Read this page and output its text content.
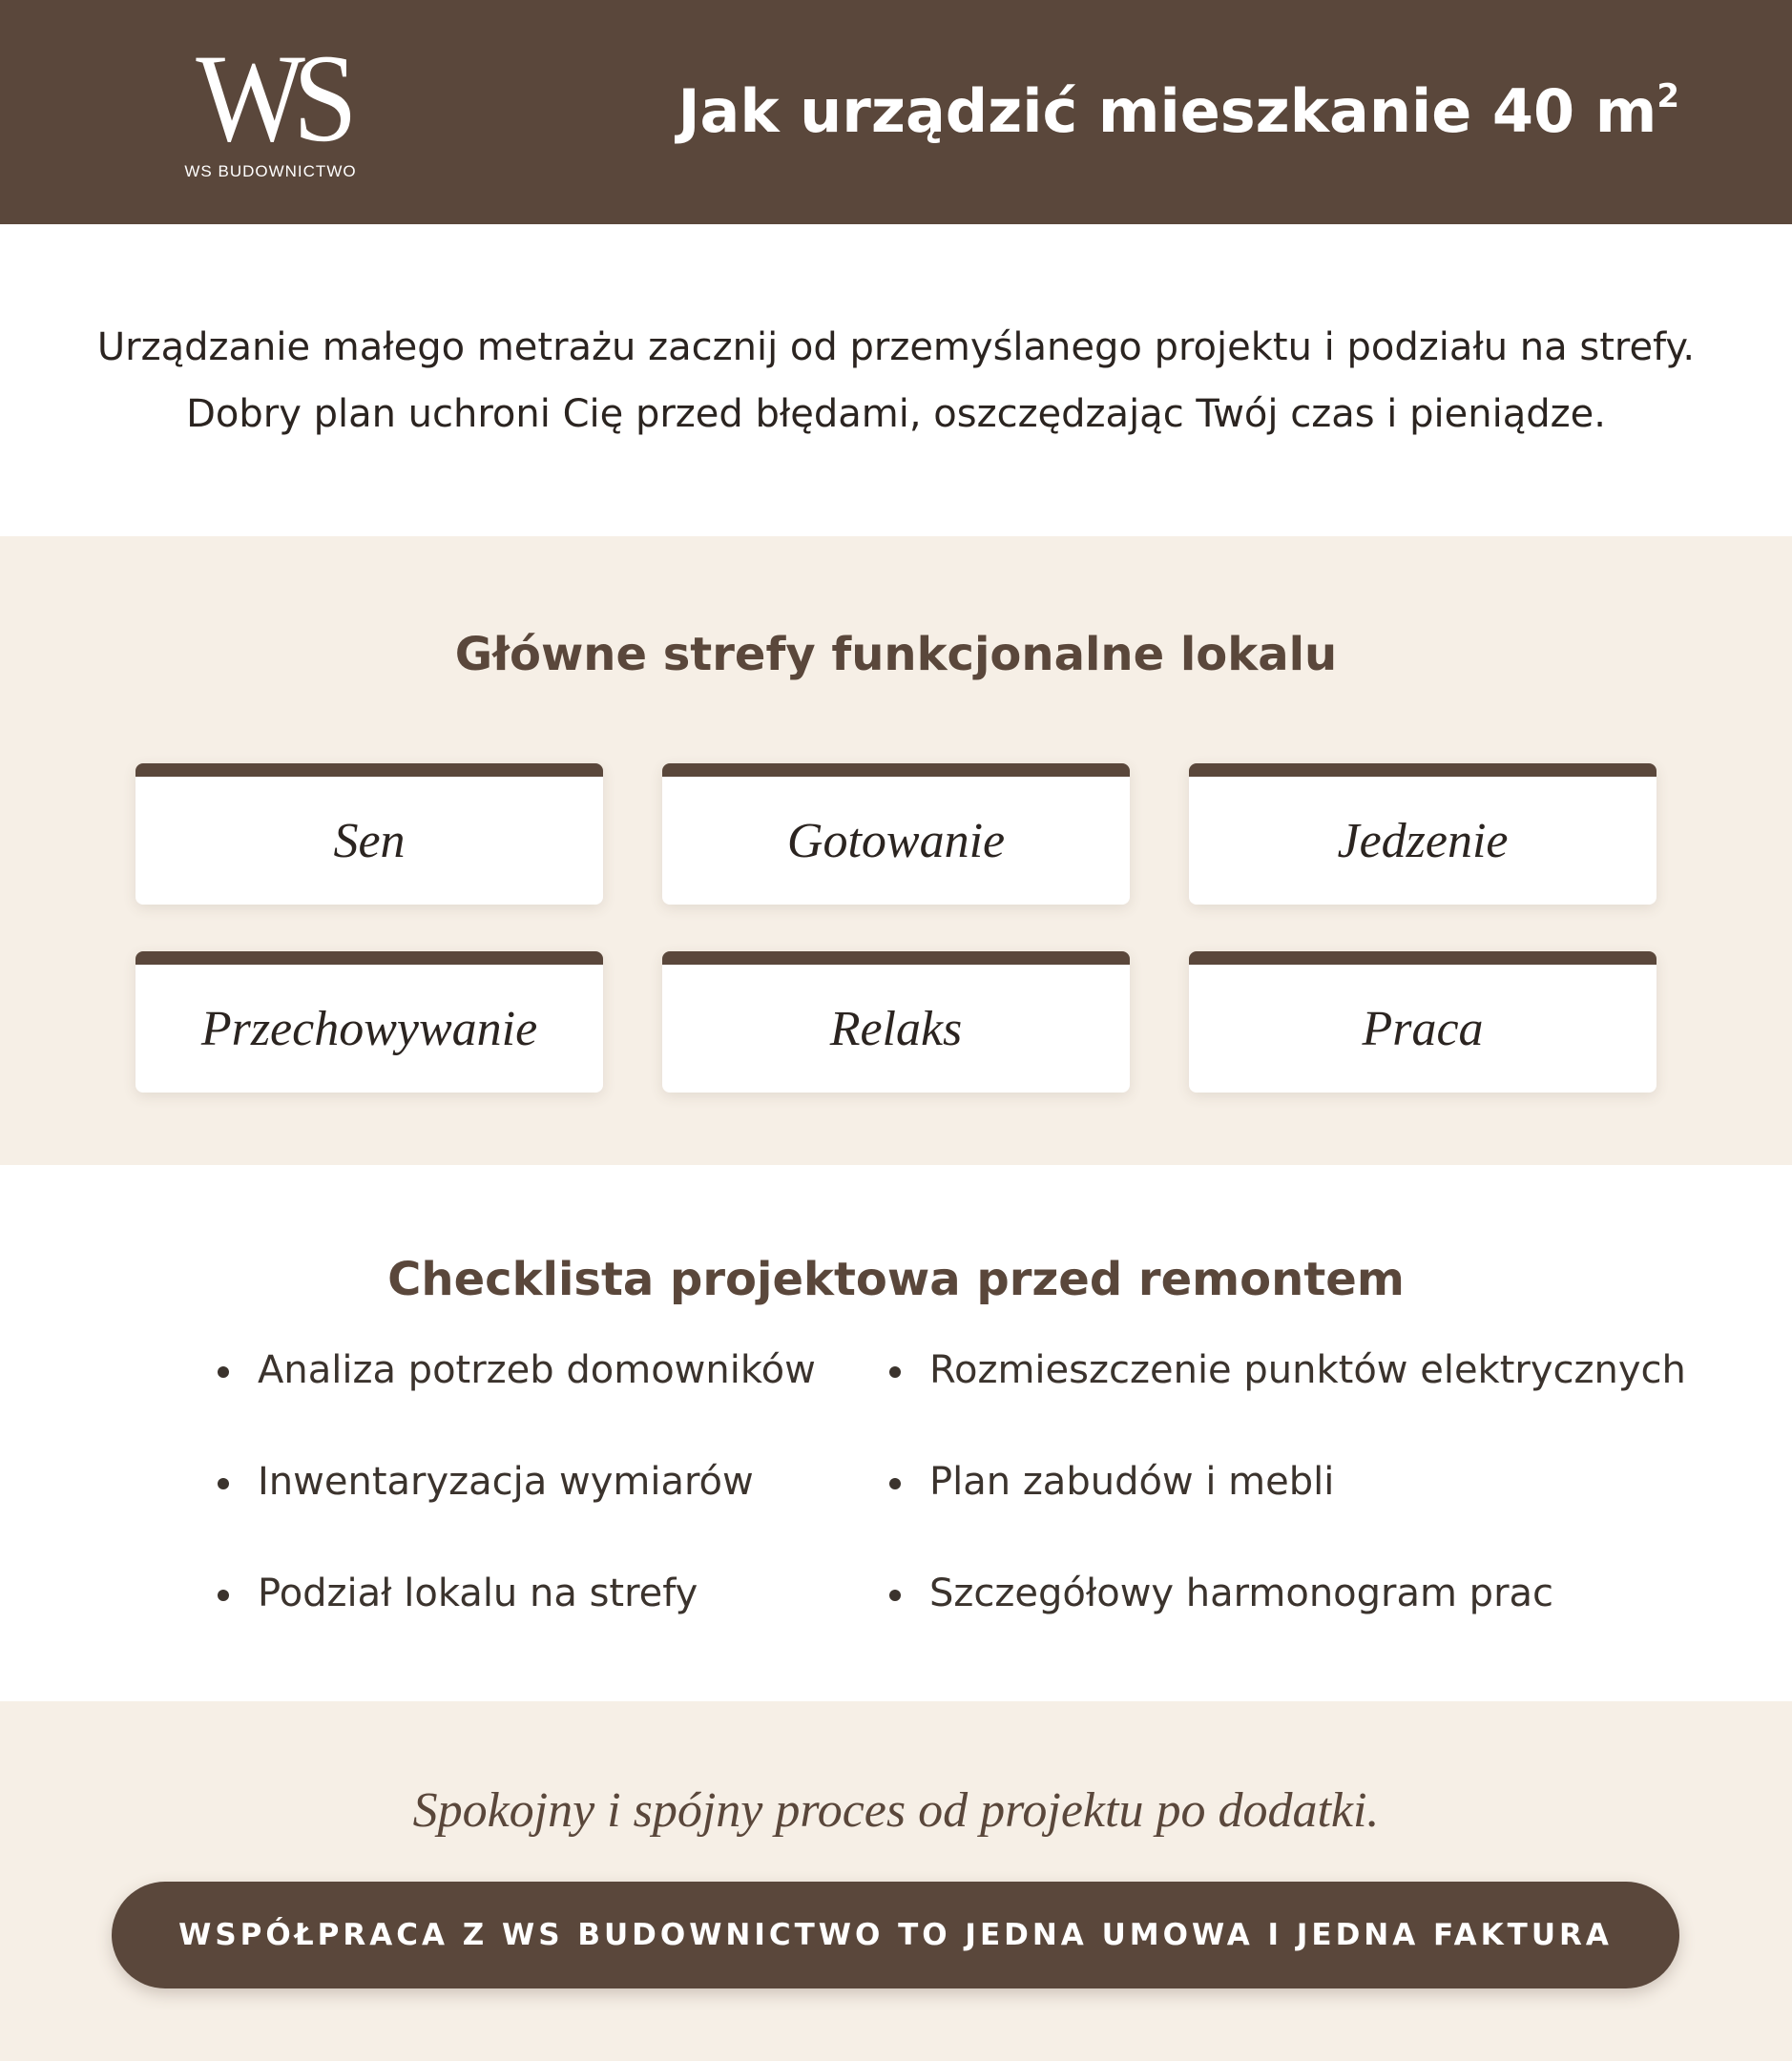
WS
WS BUDOWNICTWO
Jak urządzić mieszkanie 40 $m^2$

Urządzanie małego metrażu zacznij od przemyślanego projektu i podziału na strefy.

Dobry plan uchroni Cię przed błędami, oszczędzając Twój czas i pieniądze.

Główne strefy funkcjonalne lokalu
Sen	Gotowanie	Jedzenie
Przechowywanie	Relaks	Praca
Checklista projektowa przed remontem
Analiza potrzeb domowników
Inwentaryzacja wymiarów
Podział lokalu na strefy
Rozmieszczenie punktów elektrycznych
Plan zabudów i mebli
Szczegółowy harmonogram prac

Spokojny i spójny proces od projektu po dodatki.

WSPÓŁPRACA Z WS BUDOWNICTWO TO JEDNA UMOWA I JEDNA FAKTURA
